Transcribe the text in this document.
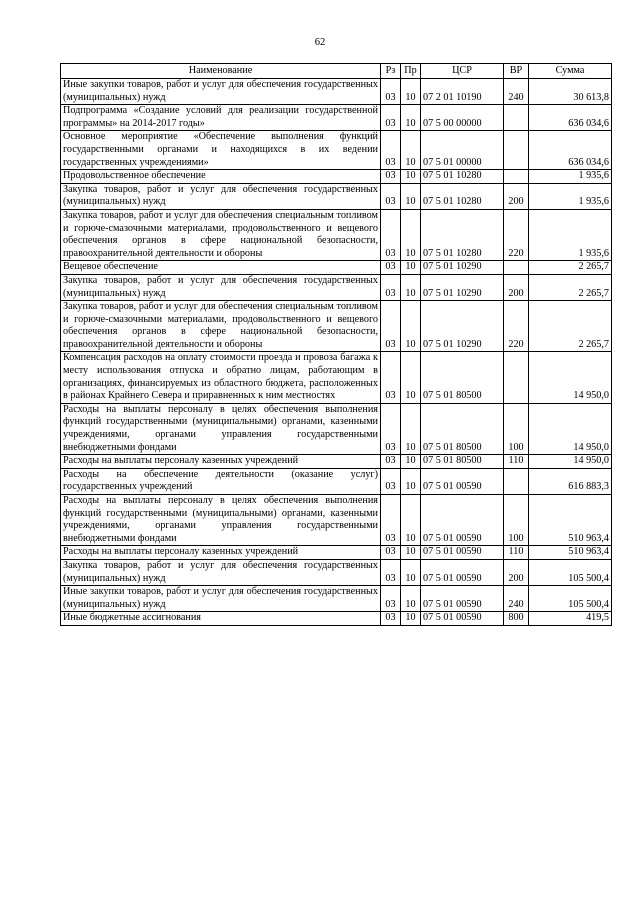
62
Наименование	Рз	Пр	ЦСР	ВР	Сумма
Иные закупки товаров, работ и услуг для обеспечения государственных (муниципальных) нужд	03	10	07 2 01 10190	240	30 613,8
Подпрограмма «Создание условий для реализации государственной программы» на 2014-2017 годы»	03	10	07 5 00 00000		636 034,6
Основное мероприятие «Обеспечение выполнения функций государственными органами и находящихся в их ведении государственных учреждениями»	03	10	07 5 01 00000		636 034,6
Продовольственное обеспечение	03	10	07 5 01 10280		1 935,6
Закупка товаров, работ и услуг для обеспечения государственных (муниципальных) нужд	03	10	07 5 01 10280	200	1 935,6
Закупка товаров, работ и услуг для обеспечения специальным топливом и горюче-смазочными материалами, продовольственного и вещевого обеспечения органов в сфере национальной безопасности, правоохранительной деятельности и обороны	03	10	07 5 01 10280	220	1 935,6
Вещевое обеспечение	03	10	07 5 01 10290		2 265,7
Закупка товаров, работ и услуг для обеспечения государственных (муниципальных) нужд	03	10	07 5 01 10290	200	2 265,7
Закупка товаров, работ и услуг для обеспечения специальным топливом и горюче-смазочными материалами, продовольственного и вещевого обеспечения органов в сфере национальной безопасности, правоохранительной деятельности и обороны	03	10	07 5 01 10290	220	2 265,7
Компенсация расходов на оплату стоимости проезда и провоза багажа к месту использования отпуска и обратно лицам, работающим в организациях, финансируемых из областного бюджета, расположенных в районах Крайнего Севера и приравненных к ним местностях	03	10	07 5 01 80500		14 950,0
Расходы на выплаты персоналу в целях обеспечения выполнения функций государственными (муниципальными) органами, казенными учреждениями, органами управления государственными внебюджетными фондами	03	10	07 5 01 80500	100	14 950,0
Расходы на выплаты персоналу казенных учреждений	03	10	07 5 01 80500	110	14 950,0
Расходы на обеспечение деятельности (оказание услуг) государственных учреждений	03	10	07 5 01 00590		616 883,3
Расходы на выплаты персоналу в целях обеспечения выполнения функций государственными (муниципальными) органами, казенными учреждениями, органами управления государственными внебюджетными фондами	03	10	07 5 01 00590	100	510 963,4
Расходы на выплаты персоналу казенных учреждений	03	10	07 5 01 00590	110	510 963,4
Закупка товаров, работ и услуг для обеспечения государственных (муниципальных) нужд	03	10	07 5 01 00590	200	105 500,4
Иные закупки товаров, работ и услуг для обеспечения государственных (муниципальных) нужд	03	10	07 5 01 00590	240	105 500,4
Иные бюджетные ассигнования	03	10	07 5 01 00590	800	419,5
